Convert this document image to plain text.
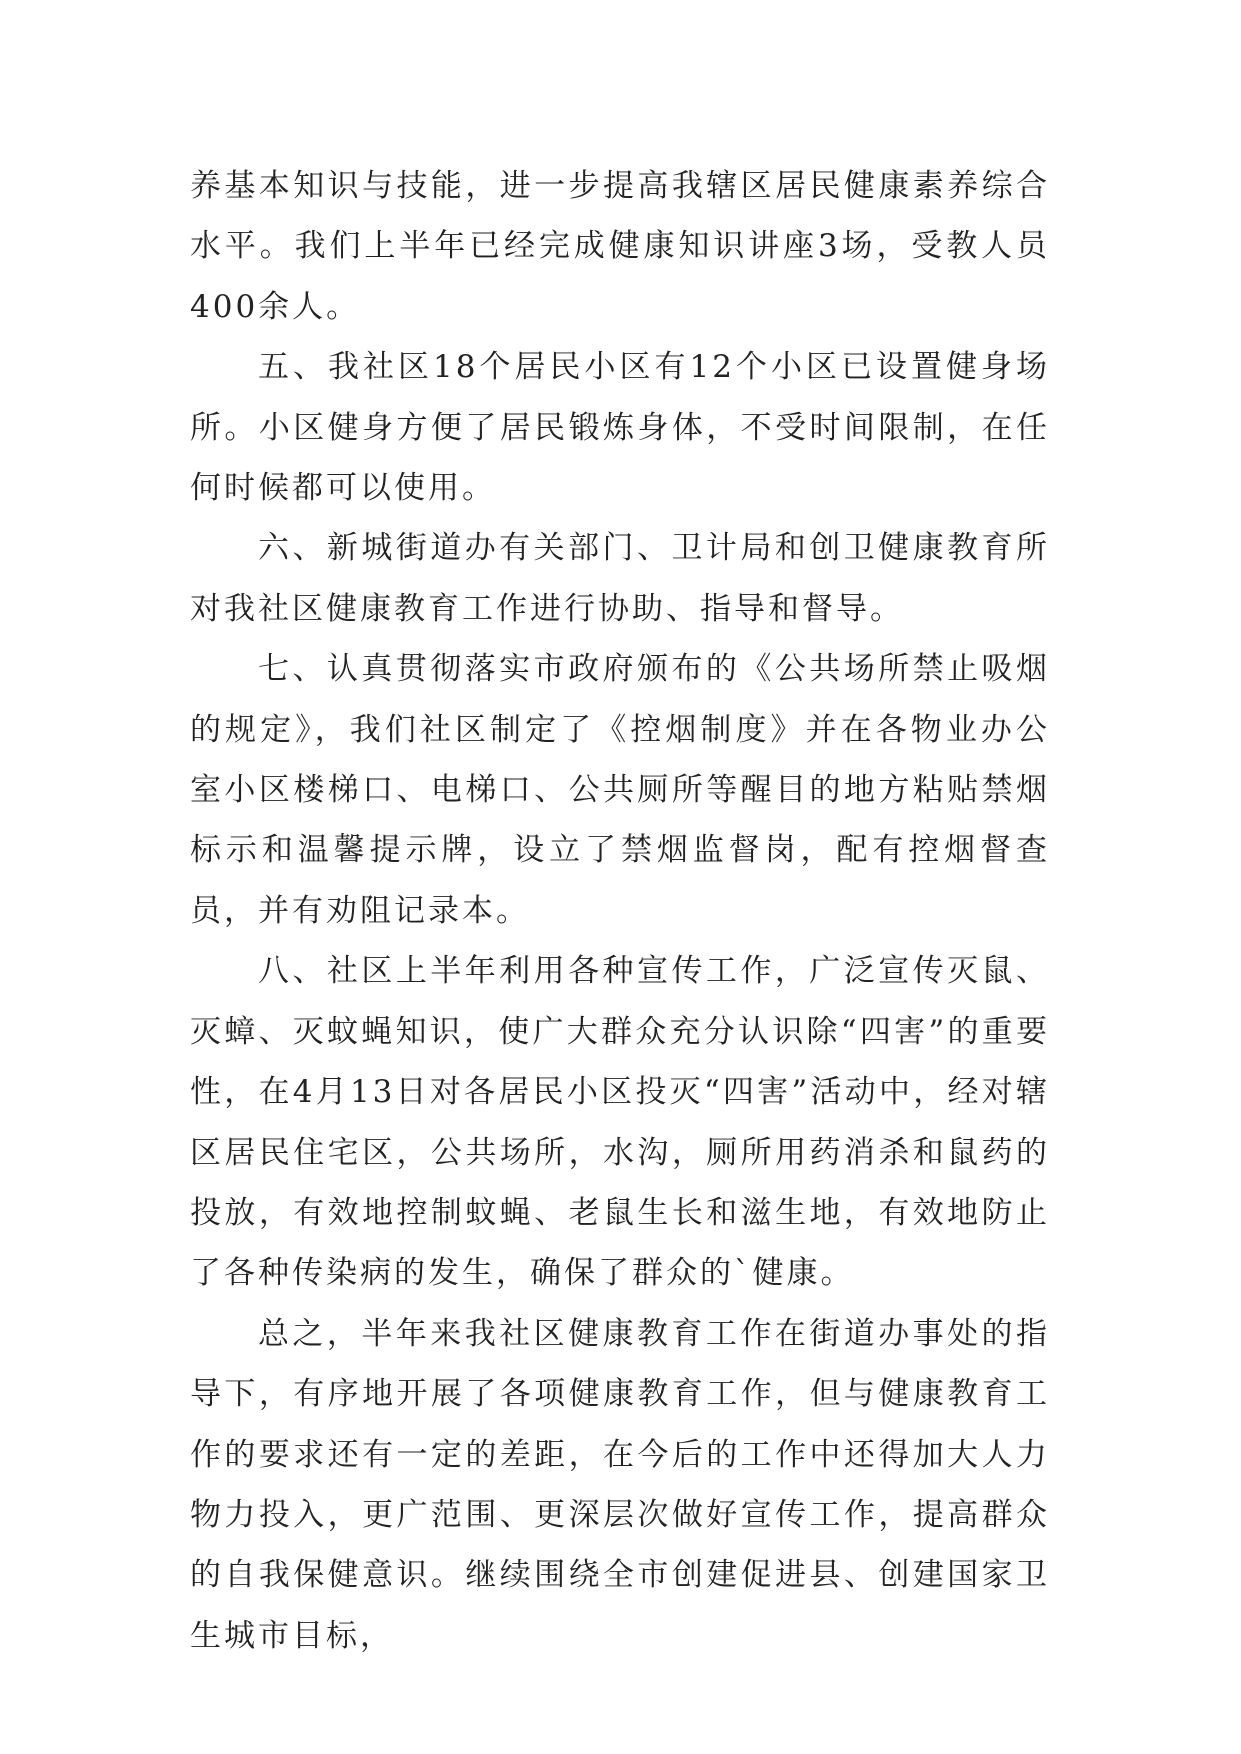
养基本知识与技能，进一步提高我辖区居民健康素养综合水平。我们上半年已经完成健康知识讲座3场，受教人员400余人。

五、我社区18个居民小区有12个小区已设置健身场所。小区健身方便了居民锻炼身体，不受时间限制，在任何时候都可以使用。

六、新城街道办有关部门、卫计局和创卫健康教育所对我社区健康教育工作进行协助、指导和督导。

七、认真贯彻落实市政府颁布的《公共场所禁止吸烟的规定》，我们社区制定了《控烟制度》并在各物业办公室小区楼梯口、电梯口、公共厕所等醒目的地方粘贴禁烟标示和温馨提示牌，设立了禁烟监督岗，配有控烟督查员，并有劝阻记录本。

八、社区上半年利用各种宣传工作，广泛宣传灭鼠、灭蟑、灭蚊蝇知识，使广大群众充分认识除“四害”的重要性，在4月13日对各居民小区投灭“四害”活动中，经对辖区居民住宅区，公共场所，水沟，厕所用药消杀和鼠药的投放，有效地控制蚊蝇、老鼠生长和滋生地，有效地防止了各种传染病的发生，确保了群众的`健康。

总之，半年来我社区健康教育工作在街道办事处的指导下，有序地开展了各项健康教育工作，但与健康教育工作的要求还有一定的差距，在今后的工作中还得加大人力物力投入，更广范围、更深层次做好宣传工作，提高群众的自我保健意识。继续围绕全市创建促进县、创建国家卫生城市目标，
